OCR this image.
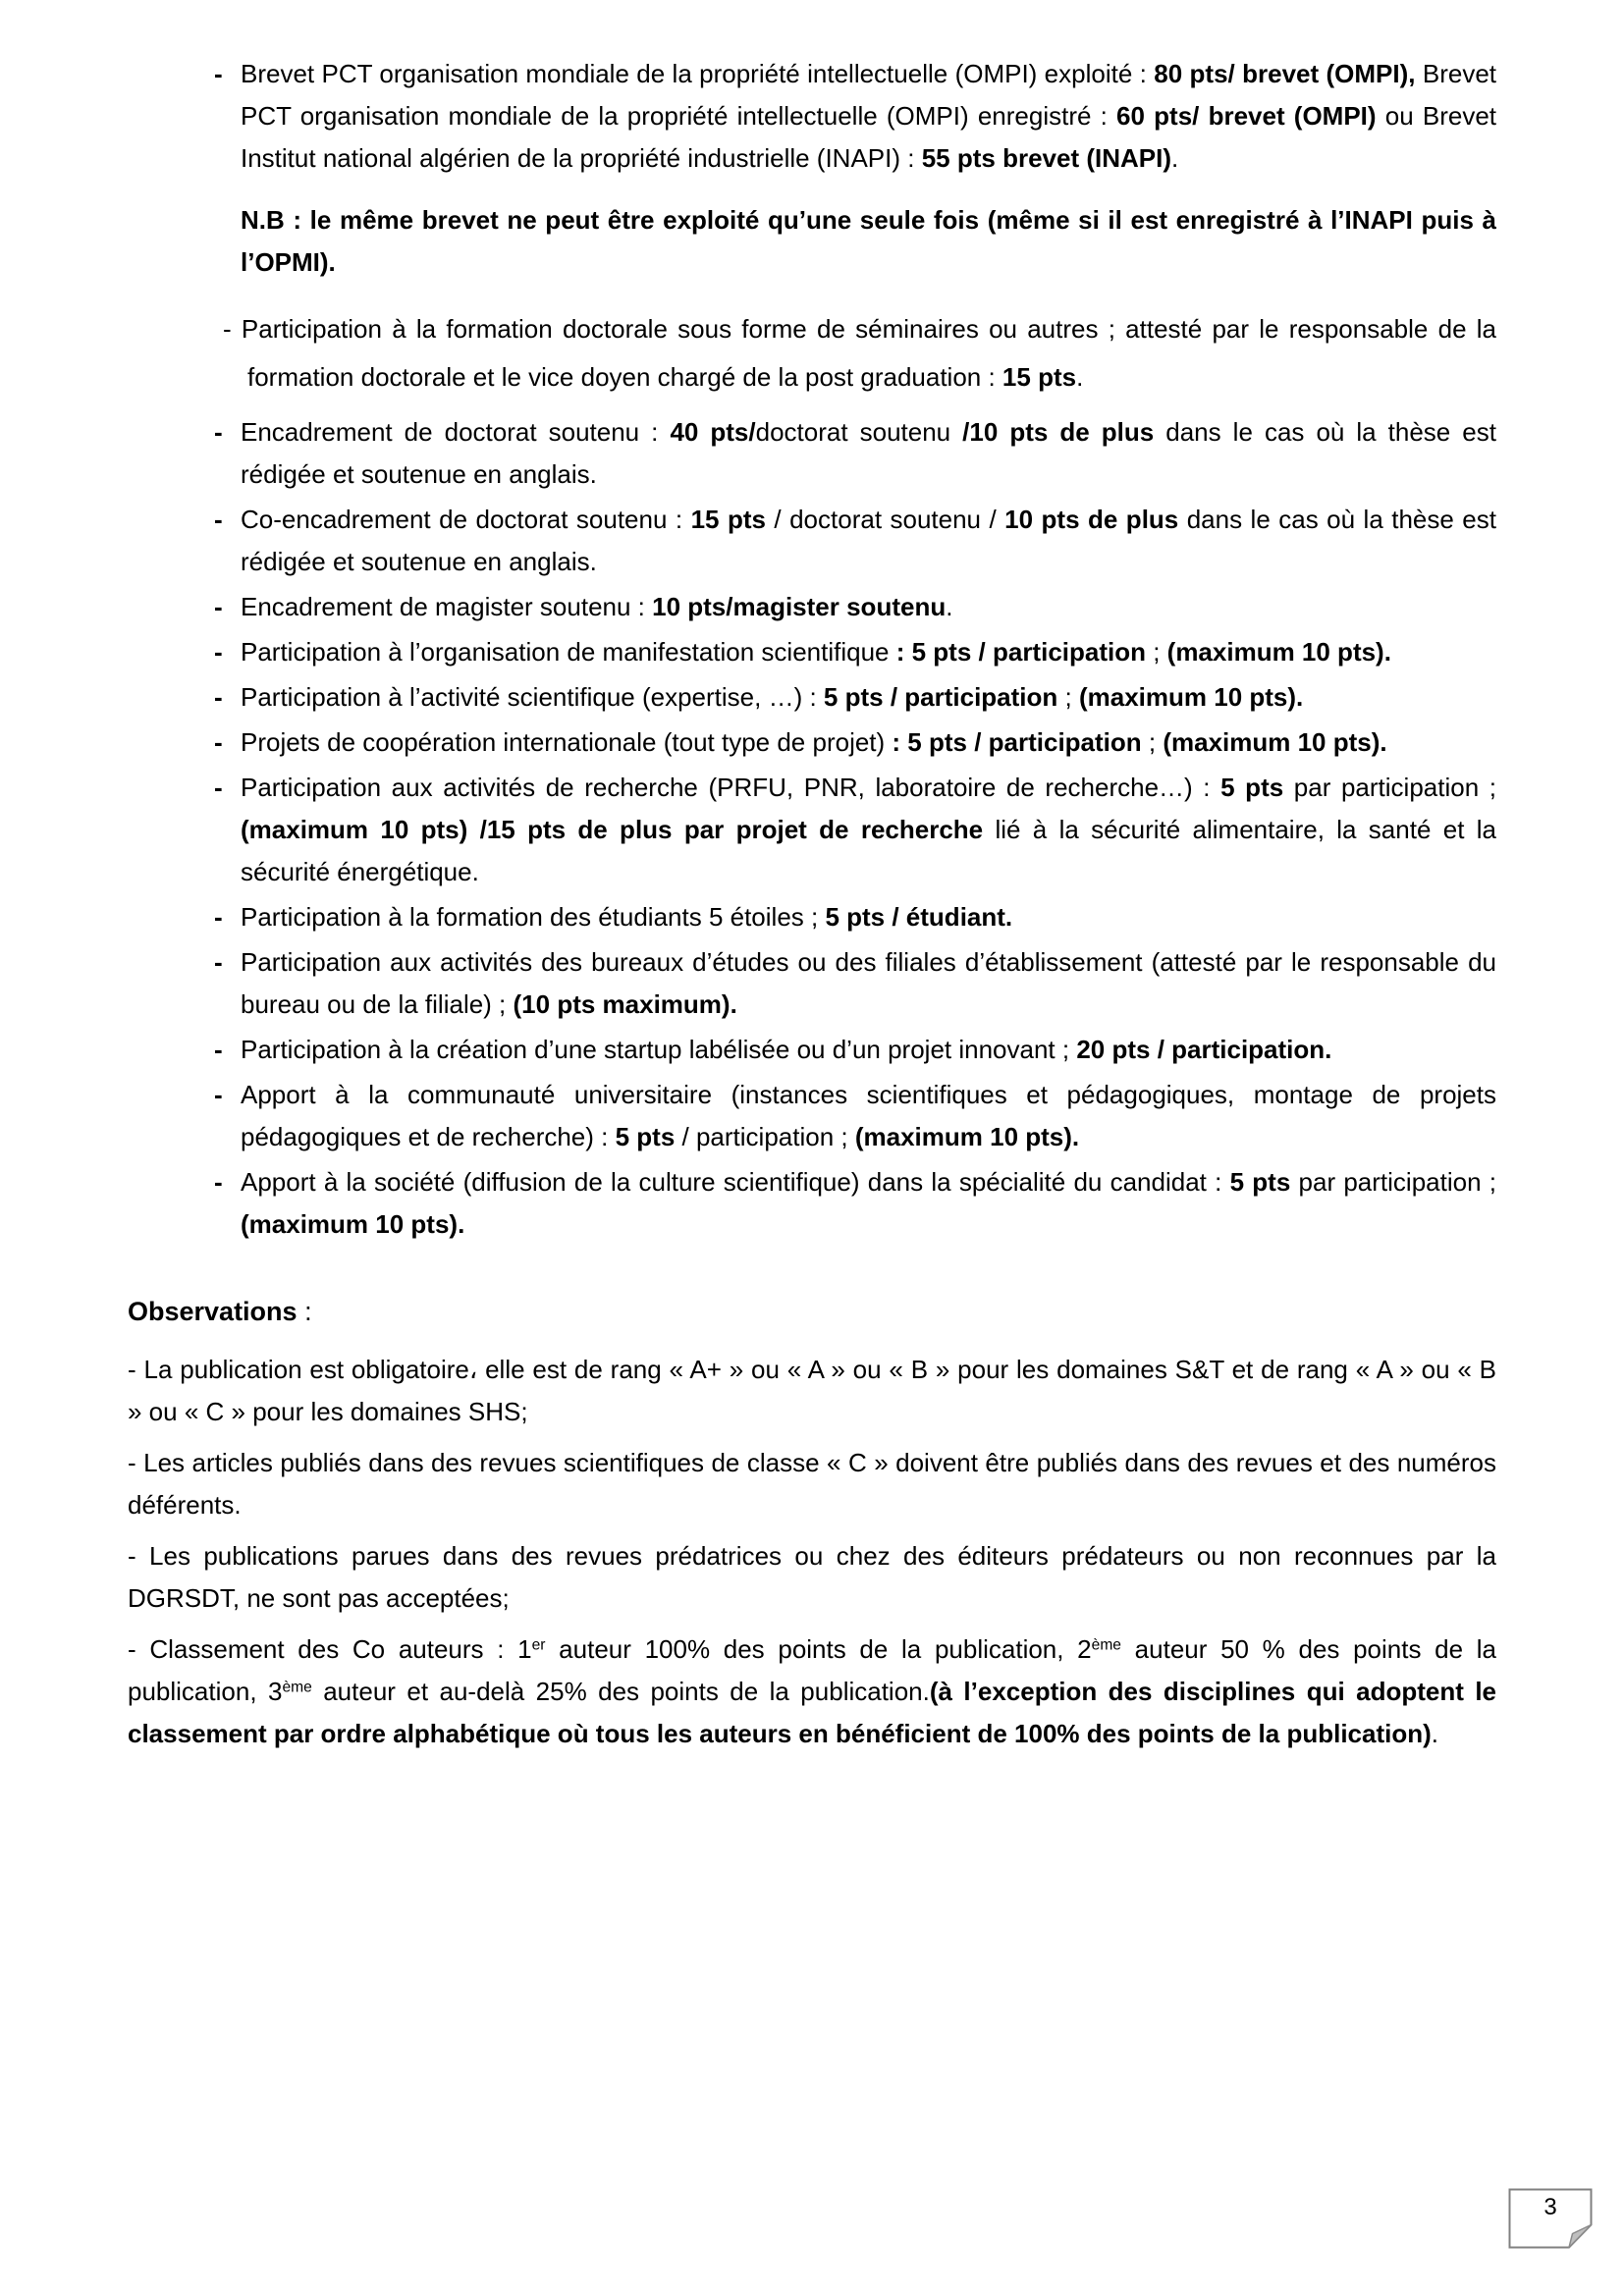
- Brevet PCT organisation mondiale de la propriété intellectuelle (OMPI) exploité : 80 pts/ brevet (OMPI), Brevet PCT organisation mondiale de la propriété intellectuelle (OMPI) enregistré : 60 pts/ brevet (OMPI) ou Brevet Institut national algérien de la propriété industrielle (INAPI) : 55 pts brevet (INAPI).
N.B : le même brevet ne peut être exploité qu’une seule fois (même si il est enregistré à l’INAPI puis à l’OPMI).
- Participation à la formation doctorale sous forme de séminaires ou autres ; attesté par le responsable de la formation doctorale et le vice doyen chargé de la post graduation : 15 pts.
- Encadrement de doctorat soutenu : 40 pts/doctorat soutenu /10 pts de plus dans le cas où la thèse est rédigée et soutenue en anglais.
- Co-encadrement de doctorat soutenu : 15 pts / doctorat soutenu / 10 pts de plus dans le cas où la thèse est rédigée et soutenue en anglais.
- Encadrement de magister soutenu : 10 pts/magister soutenu.
- Participation à l’organisation de manifestation scientifique : 5 pts / participation ; (maximum 10 pts).
- Participation à l’activité scientifique (expertise, …) : 5 pts / participation ; (maximum 10 pts).
- Projets de coopération internationale (tout type de projet) : 5 pts / participation ; (maximum 10 pts).
- Participation aux activités de recherche (PRFU, PNR, laboratoire de recherche…) : 5 pts par participation ; (maximum 10 pts) /15 pts de plus par projet de recherche lié à la sécurité alimentaire, la santé et la sécurité énergétique.
- Participation à la formation des étudiants 5 étoiles ; 5 pts / étudiant.
- Participation aux activités des bureaux d’études ou des filiales d’établissement (attesté par le responsable du bureau ou de la filiale) ; (10 pts maximum).
- Participation à la création d’une startup labélisée ou d’un projet innovant ; 20 pts / participation.
- Apport à la communauté universitaire (instances scientifiques et pédagogiques, montage de projets pédagogiques et de recherche) : 5 pts / participation ; (maximum 10 pts).
- Apport à la société (diffusion de la culture scientifique) dans la spécialité du candidat : 5 pts par participation ; (maximum 10 pts).
Observations :
- La publication est obligatoire، elle est de rang « A+ » ou « A » ou « B » pour les domaines S&T et de rang « A » ou « B » ou « C » pour les domaines SHS;
- Les articles publiés dans des revues scientifiques de classe « C » doivent être publiés dans des revues et des numéros déférents.
- Les publications parues dans des revues prédatrices ou chez des éditeurs prédateurs ou non reconnues par la DGRSDT, ne sont pas acceptées;
- Classement des Co auteurs : 1er auteur 100% des points de la publication, 2ème auteur 50 % des points de la publication, 3ème auteur et au-delà 25% des points de la publication.(à l’exception des disciplines qui adoptent le classement par ordre alphabétique où tous les auteurs en bénéficient de 100% des points de la publication).
3
